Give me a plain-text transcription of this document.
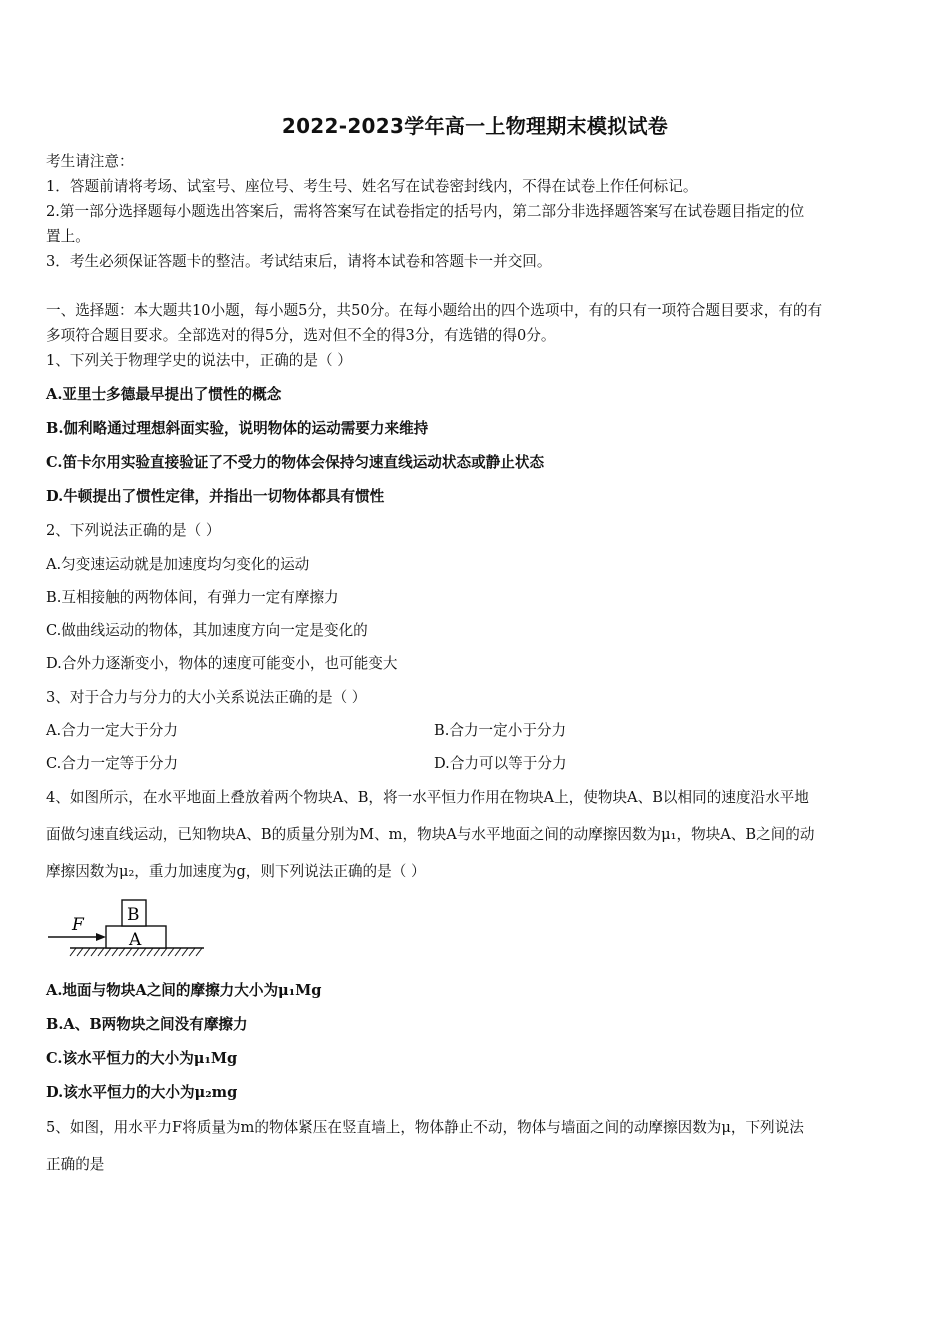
2022-2023学年高一上物理期末模拟试卷
考生请注意：
1．答题前请将考场、试室号、座位号、考生号、姓名写在试卷密封线内，不得在试卷上作任何标记。
2.第一部分选择题每小题选出答案后，需将答案写在试卷指定的括号内，第二部分非选择题答案写在试卷题目指定的位
置上。
3．考生必须保证答题卡的整洁。考试结束后，请将本试卷和答题卡一并交回。
一、选择题：本大题共10小题，每小题5分，共50分。在每小题给出的四个选项中，有的只有一项符合题目要求，有的有
多项符合题目要求。全部选对的得5分，选对但不全的得3分，有选错的得0分。
1、下列关于物理学史的说法中，正确的是（ ）
A.亚里士多德最早提出了惯性的概念
B.伽利略通过理想斜面实验，说明物体的运动需要力来维持
C.笛卡尔用实验直接验证了不受力的物体会保持匀速直线运动状态或静止状态
D.牛顿提出了惯性定律，并指出一切物体都具有惯性
2、下列说法正确的是（ ）
A.匀变速运动就是加速度均匀变化的运动
B.互相接触的两物体间，有弹力一定有摩擦力
C.做曲线运动的物体，其加速度方向一定是变化的
D.合外力逐渐变小，物体的速度可能变小，也可能变大
3、对于合力与分力的大小关系说法正确的是（ ）
A.合力一定大于分力	B.合力一定小于分力
C.合力一定等于分力	D.合力可以等于分力
4、如图所示，在水平地面上叠放着两个物块A、B，将一水平恒力作用在物块A上，使物块A、B以相同的速度沿水平地
面做匀速直线运动，已知物块A、B的质量分别为M、m，物块A与水平地面之间的动摩擦因数为μ₁，物块A、B之间的动
摩擦因数为μ₂，重力加速度为g，则下列说法正确的是（ ）
F
A
B
A.地面与物块A之间的摩擦力大小为μ₁Mg
B.A、B两物块之间没有摩擦力
C.该水平恒力的大小为μ₁Mg
D.该水平恒力的大小为μ₂mg
5、如图，用水平力F将质量为m的物体紧压在竖直墙上，物体静止不动，物体与墙面之间的动摩擦因数为μ，下列说法
正确的是
